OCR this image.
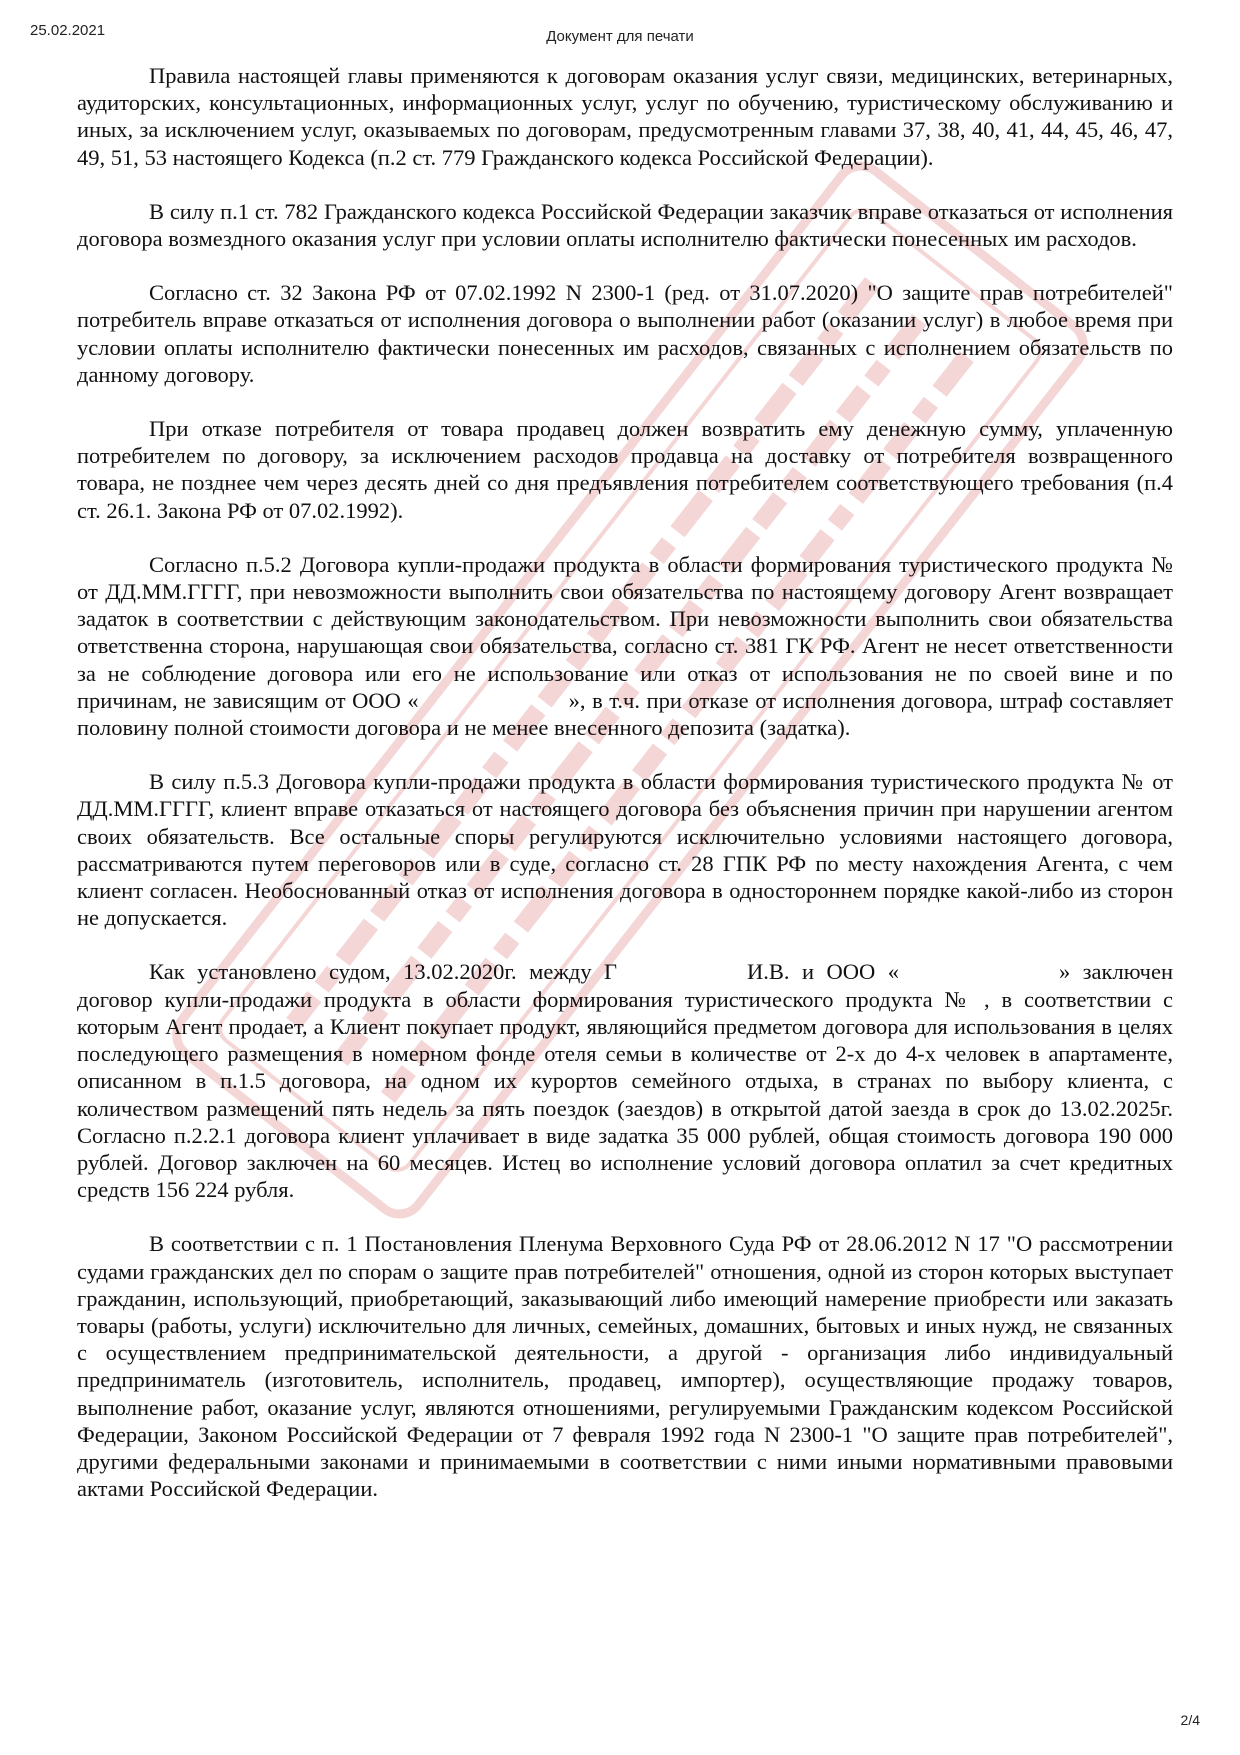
25.02.2021	Документ для печати

Правила настоящей главы применяются к договорам оказания услуг связи, медицинских, ветеринарных, аудиторских, консультационных, информационных услуг, услуг по обучению, туристическому обслуживанию и иных, за исключением услуг, оказываемых по договорам, предусмотренным главами 37, 38, 40, 41, 44, 45, 46, 47, 49, 51, 53 настоящего Кодекса (п.2 ст. 779 Гражданского кодекса Российской Федерации).

В силу п.1 ст. 782 Гражданского кодекса Российской Федерации заказчик вправе отказаться от исполнения договора возмездного оказания услуг при условии оплаты исполнителю фактически понесенных им расходов.

Согласно ст. 32 Закона РФ от 07.02.1992 N 2300-1 (ред. от 31.07.2020) "О защите прав потребителей" потребитель вправе отказаться от исполнения договора о выполнении работ (оказании услуг) в любое время при условии оплаты исполнителю фактически понесенных им расходов, связанных с исполнением обязательств по данному договору.

При отказе потребителя от товара продавец должен возвратить ему денежную сумму, уплаченную потребителем по договору, за исключением расходов продавца на доставку от потребителя возвращенного товара, не позднее чем через десять дней со дня предъявления потребителем соответствующего требования (п.4 ст. 26.1. Закона РФ от 07.02.1992).

Согласно п.5.2 Договора купли-продажи продукта в области формирования туристического продукта № от ДД.ММ.ГГГГ, при невозможности выполнить свои обязательства по настоящему договору Агент возвращает задаток в соответствии с действующим законодательством. При невозможности выполнить свои обязательства ответственна сторона, нарушающая свои обязательства, согласно ст. 381 ГК РФ. Агент не несет ответственности за не соблюдение договора или его не использование или отказ от использования не по своей вине и по причинам, не зависящим от ООО «	», в т.ч. при отказе от исполнения договора, штраф составляет половину полной стоимости договора и не менее внесенного депозита (задатка).

В силу п.5.3 Договора купли-продажи продукта в области формирования туристического продукта № от ДД.ММ.ГГГГ, клиент вправе отказаться от настоящего договора без объяснения причин при нарушении агентом своих обязательств. Все остальные споры регулируются исключительно условиями настоящего договора, рассматриваются путем переговоров или в суде, согласно ст. 28 ГПК РФ по месту нахождения Агента, с чем клиент согласен. Необоснованный отказ от исполнения договора в одностороннем порядке какой-либо из сторон не допускается.

Как установлено судом, 13.02.2020г. между Г	И.В. и ООО «	» заключен договор купли-продажи продукта в области формирования туристического продукта № , в соответствии с которым Агент продает, а Клиент покупает продукт, являющийся предметом договора для использования в целях последующего размещения в номерном фонде отеля семьи в количестве от 2-х до 4-х человек в апартаменте, описанном в п.1.5 договора, на одном их курортов семейного отдыха, в странах по выбору клиента, с количеством размещений пять недель за пять поездок (заездов) в открытой датой заезда в срок до 13.02.2025г. Согласно п.2.2.1 договора клиент уплачивает в виде задатка 35 000 рублей, общая стоимость договора 190 000 рублей. Договор заключен на 60 месяцев. Истец во исполнение условий договора оплатил за счет кредитных средств 156 224 рубля.

В соответствии с п. 1 Постановления Пленума Верховного Суда РФ от 28.06.2012 N 17 "О рассмотрении судами гражданских дел по спорам о защите прав потребителей" отношения, одной из сторон которых выступает гражданин, использующий, приобретающий, заказывающий либо имеющий намерение приобрести или заказать товары (работы, услуги) исключительно для личных, семейных, домашних, бытовых и иных нужд, не связанных с осуществлением предпринимательской деятельности, а другой - организация либо индивидуальный предприниматель (изготовитель, исполнитель, продавец, импортер), осуществляющие продажу товаров, выполнение работ, оказание услуг, являются отношениями, регулируемыми Гражданским кодексом Российской Федерации, Законом Российской Федерации от 7 февраля 1992 года N 2300-1 "О защите прав потребителей", другими федеральными законами и принимаемыми в соответствии с ними иными нормативными правовыми актами Российской Федерации.

2/4
